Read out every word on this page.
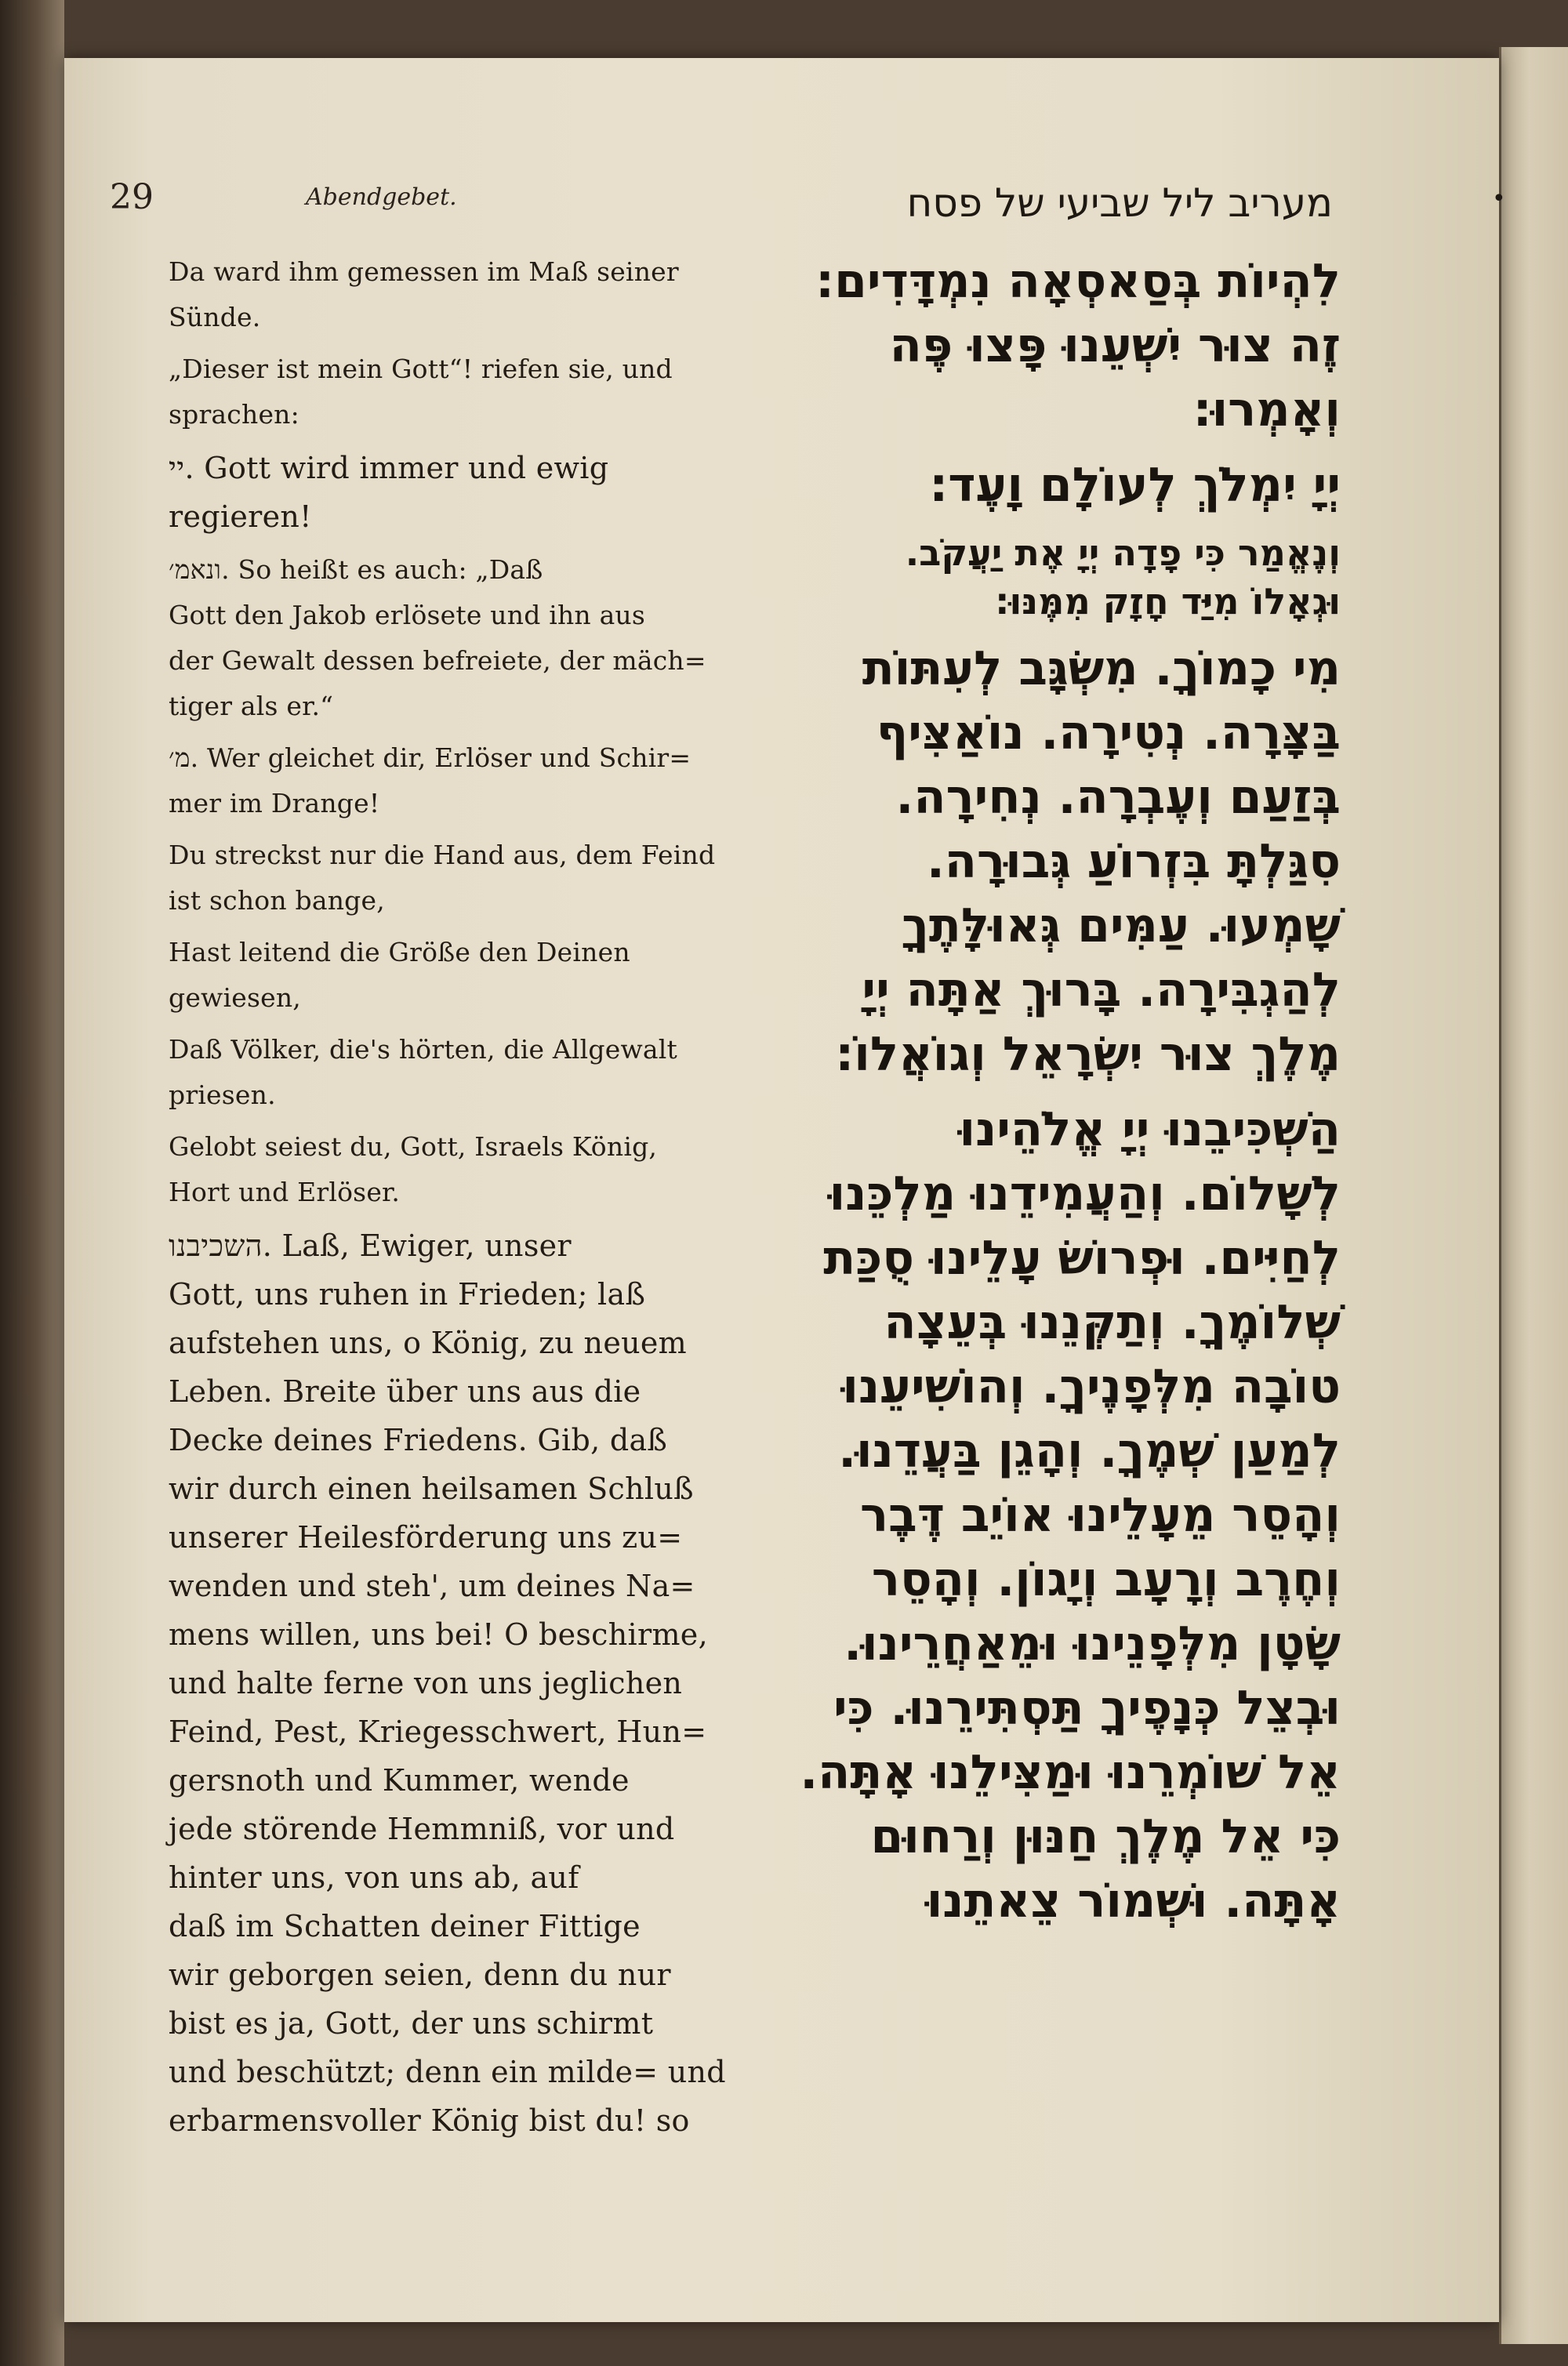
29	Abendgebet.	מעריב ליל שביעי של פסח	•

Da ward ihm gemessen im Maß seiner
Sünde.

„Dieser ist mein Gott“! riefen sie, und
sprachen:

יי. Gott wird immer und ewig
regieren!

ונאמ׳. So heißt es auch: „Daß
Gott den Jakob erlösete und ihn aus
der Gewalt dessen befreiete, der mäch=
tiger als er.“

מ׳. Wer gleichet dir, Erlöser und Schir=
mer im Drange!

Du streckst nur die Hand aus, dem Feind
ist schon bange,

Hast leitend die Größe den Deinen
gewiesen,

Daß Völker, die's hörten, die Allgewalt
priesen.

Gelobt seiest du, Gott, Israels König,
Hort und Erlöser.

השכיבנו. Laß, Ewiger, unser
Gott, uns ruhen in Frieden; laß
aufstehen uns, o König, zu neuem
Leben. Breite über uns aus die
Decke deines Friedens. Gib, daß
wir durch einen heilsamen Schluß
unserer Heilesförderung uns zu=
wenden und steh', um deines Na=
mens willen, uns bei! O beschirme,
und halte ferne von uns jeglichen
Feind, Pest, Kriegesschwert, Hun=
gersnoth und Kummer, wende
jede störende Hemmniß, vor und
hinter uns, von uns ab, auf
daß im Schatten deiner Fittige
wir geborgen seien, denn du nur
bist es ja, Gott, der uns schirmt
und beschützt; denn ein milde= und
erbarmensvoller König bist du! so

לִהְיוֹת בְּסַאסְאָה נִמְדָּדִים:
זֶה צוּר יִשְׁעֵנוּ פָּצוּ פֶּה
וְאָמְרוּ:

יְיָ יִמְלֹךְ לְעוֹלָם וָעֶד:

וְנֶאֱמַר כִּי פָדָה יְיָ אֶת יַעֲקֹב.
וּגְאָלוֹ מִיַּד חָזָק מִמֶּנּוּ:

מִי כָמוֹךָ. מִשְׂגָּב לְעִתּוֹת
בַּצָּרָה. נְטִירָה. נוֹאַצִּיף
בְּזַעַם וְעֶבְרָה. נְחִירָה.
סִגַּלְתָּ בִּזְרוֹעַ גְּבוּרָה.
שָׁמְעוּ. עַמִּים גְּאוּלָּתֶךָ
לְהַגְבִּירָה. בָּרוּךְ אַתָּה יְיָ
מֶלֶךְ צוּר יִשְׂרָאֵל וְגוֹאֲלוֹ:

הַשְׁכִּיבֵנוּ יְיָ אֱלֹהֵינוּ
לְשָׁלוֹם. וְהַעֲמִידֵנוּ מַלְכֵּנוּ
לְחַיִּים. וּפְרוֹשׂ עָלֵינוּ סֻכַּת
שְׁלוֹמֶךָ. וְתַקְּנֵנוּ בְּעֵצָה
טוֹבָה מִלְּפָנֶיךָ. וְהוֹשִׁיעֵנוּ
לְמַעַן שְׁמֶךָ. וְהָגֵן בַּעֲדֵנוּ.
וְהָסֵר מֵעָלֵינוּ אוֹיֵב דֶּבֶר
וְחֶרֶב וְרָעָב וְיָגוֹן. וְהָסֵר
שָׂטָן מִלְּפָנֵינוּ וּמֵאַחֲרֵינוּ.
וּבְצֵל כְּנָפֶיךָ תַּסְתִּירֵנוּ. כִּי
אֵל שׁוֹמְרֵנוּ וּמַצִּילֵנוּ אָתָּה.
כִּי אֵל מֶלֶךְ חַנּוּן וְרַחוּם
אָתָּה. וּשְׁמוֹר צֵאתֵנוּ
